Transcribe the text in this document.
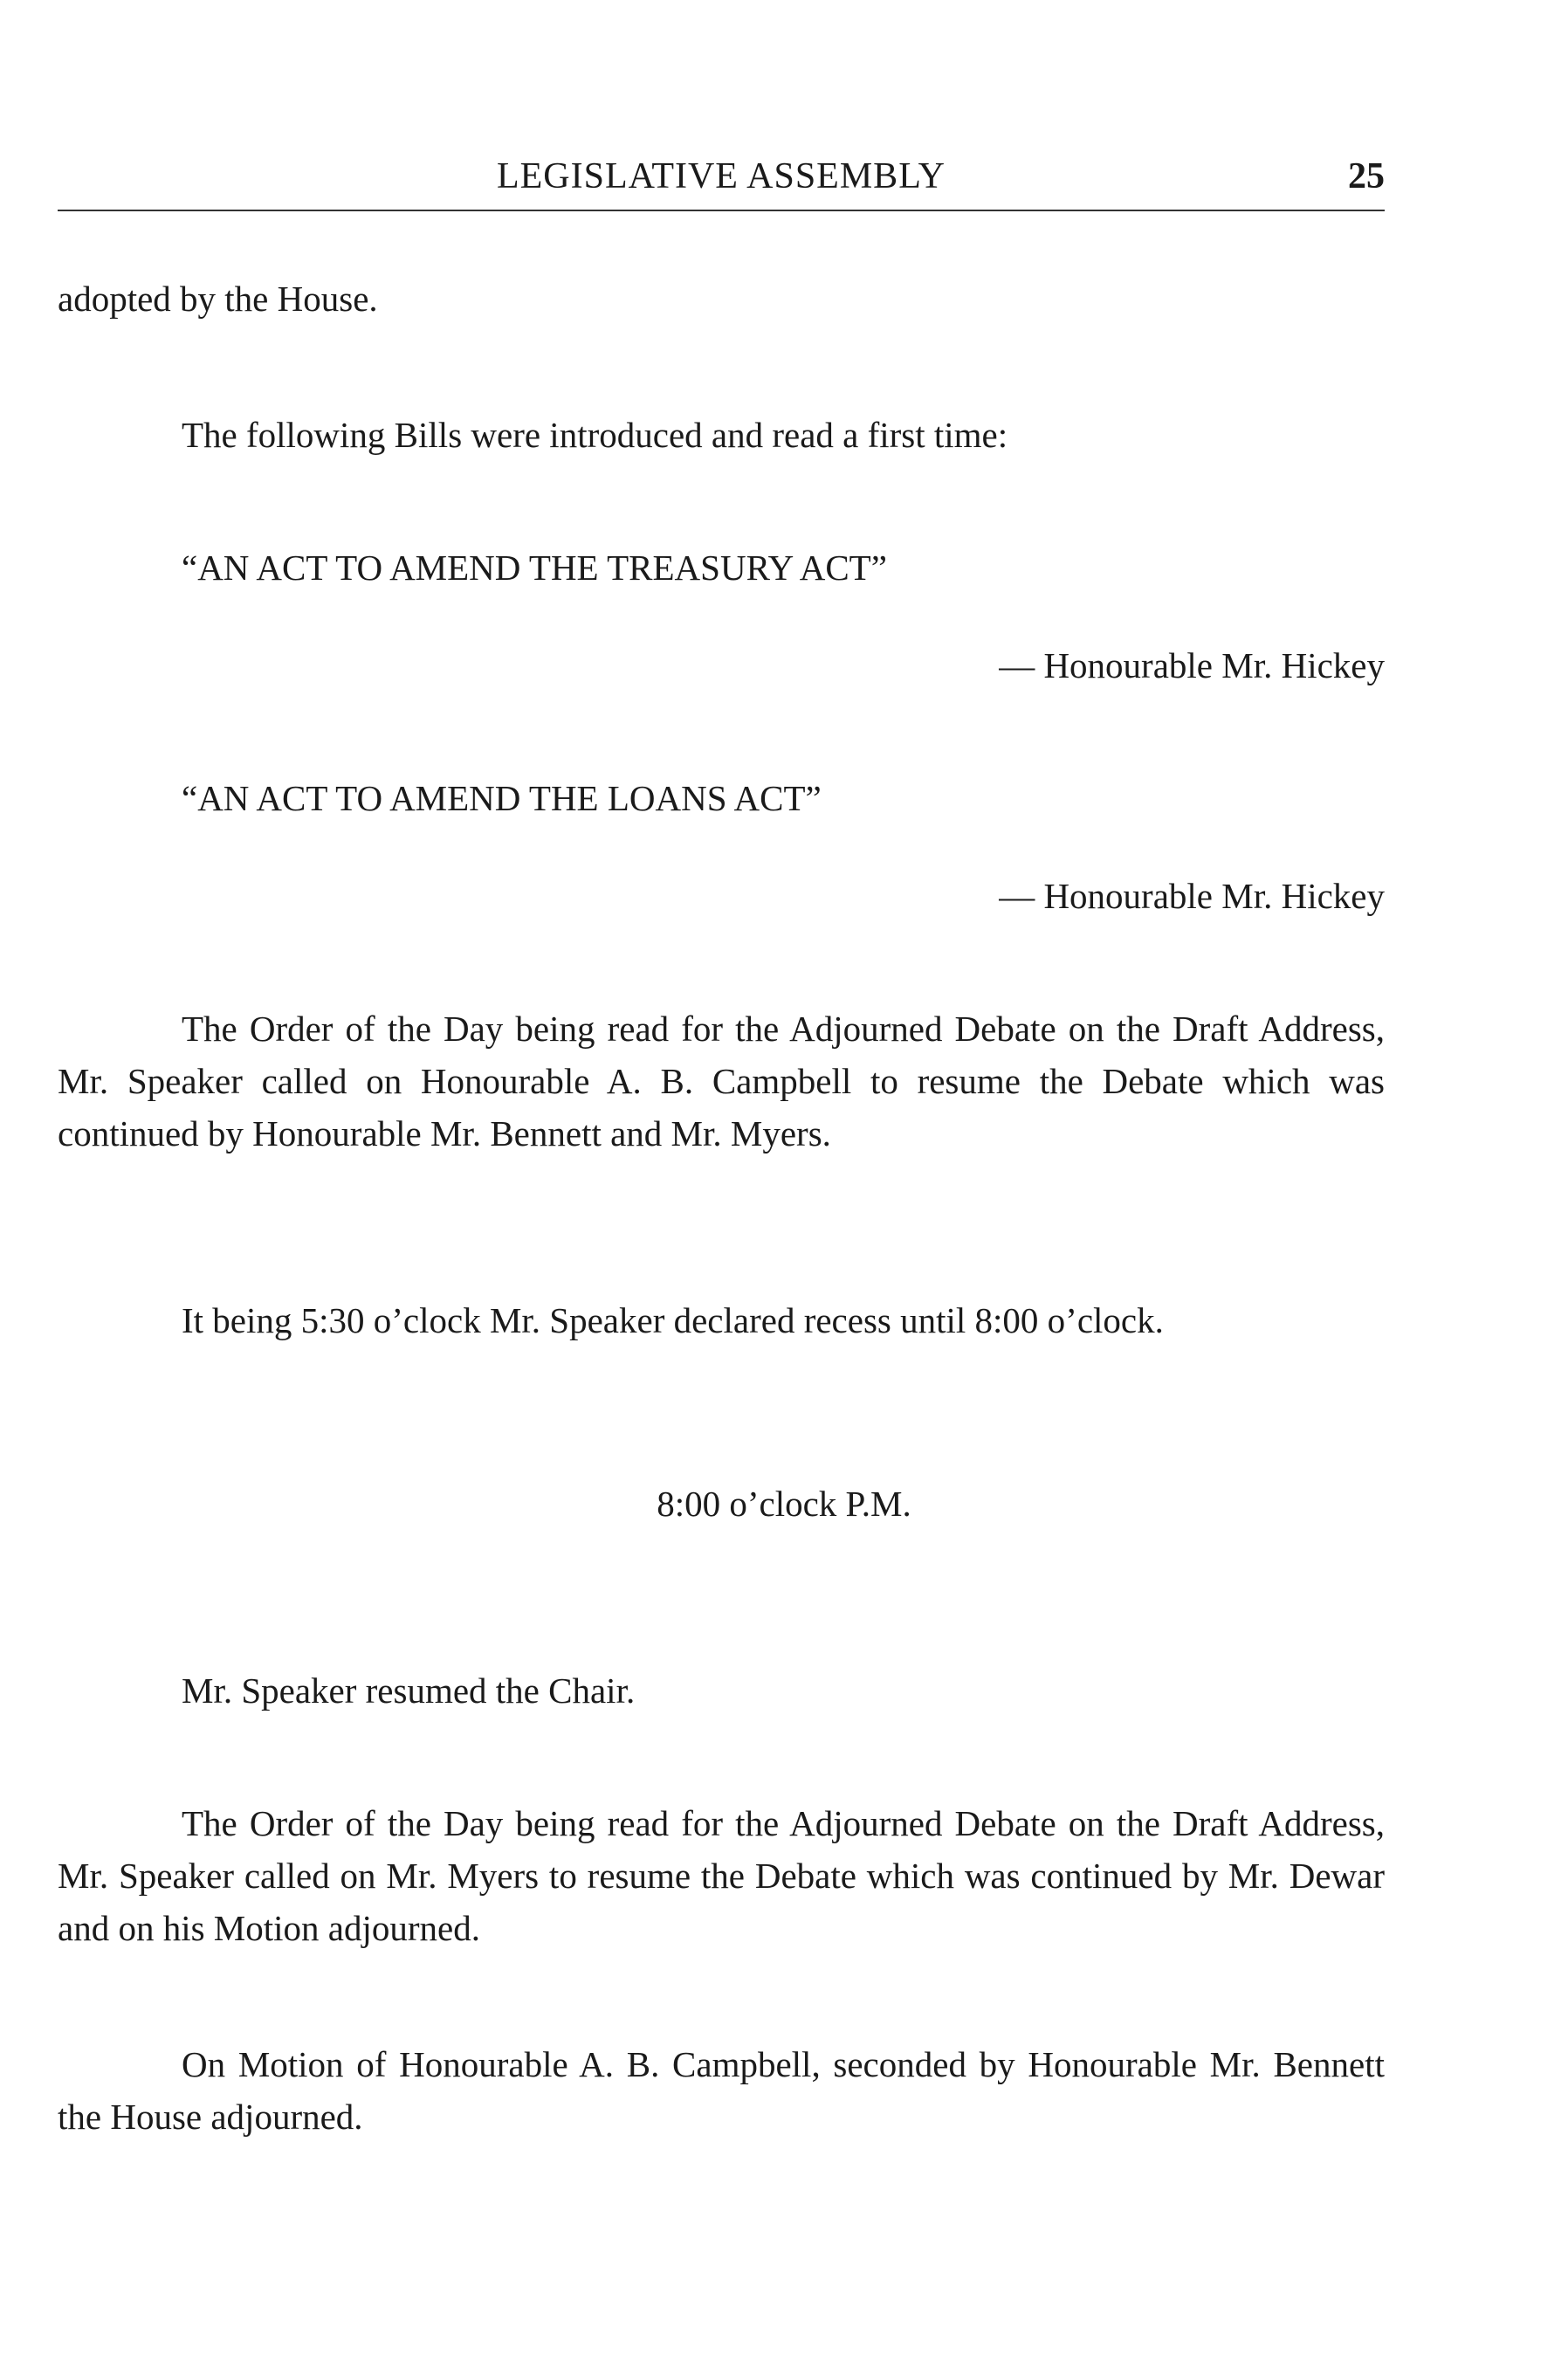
LEGISLATIVE ASSEMBLY	25
adopted by the House.
The following Bills were introduced and read a first time:
“AN ACT TO AMEND THE TREASURY ACT”
— Honourable Mr. Hickey
“AN ACT TO AMEND THE LOANS ACT”
— Honourable Mr. Hickey

The Order of the Day being read for the Adjourned Debate on the Draft Address, Mr. Speaker called on Honourable A. B. Campbell to resume the Debate which was continued by Honourable Mr. Bennett and Mr. Myers.

It being 5:30 o’clock Mr. Speaker declared recess until 8:00 o’clock.
8:00 o’clock P.M.
Mr. Speaker resumed the Chair.

The Order of the Day being read for the Adjourned Debate on the Draft Address, Mr. Speaker called on Mr. Myers to resume the Debate which was continued by Mr. Dewar and on his Motion adjourned.

On Motion of Honourable A. B. Campbell, seconded by Honourable Mr. Bennett the House adjourned.
